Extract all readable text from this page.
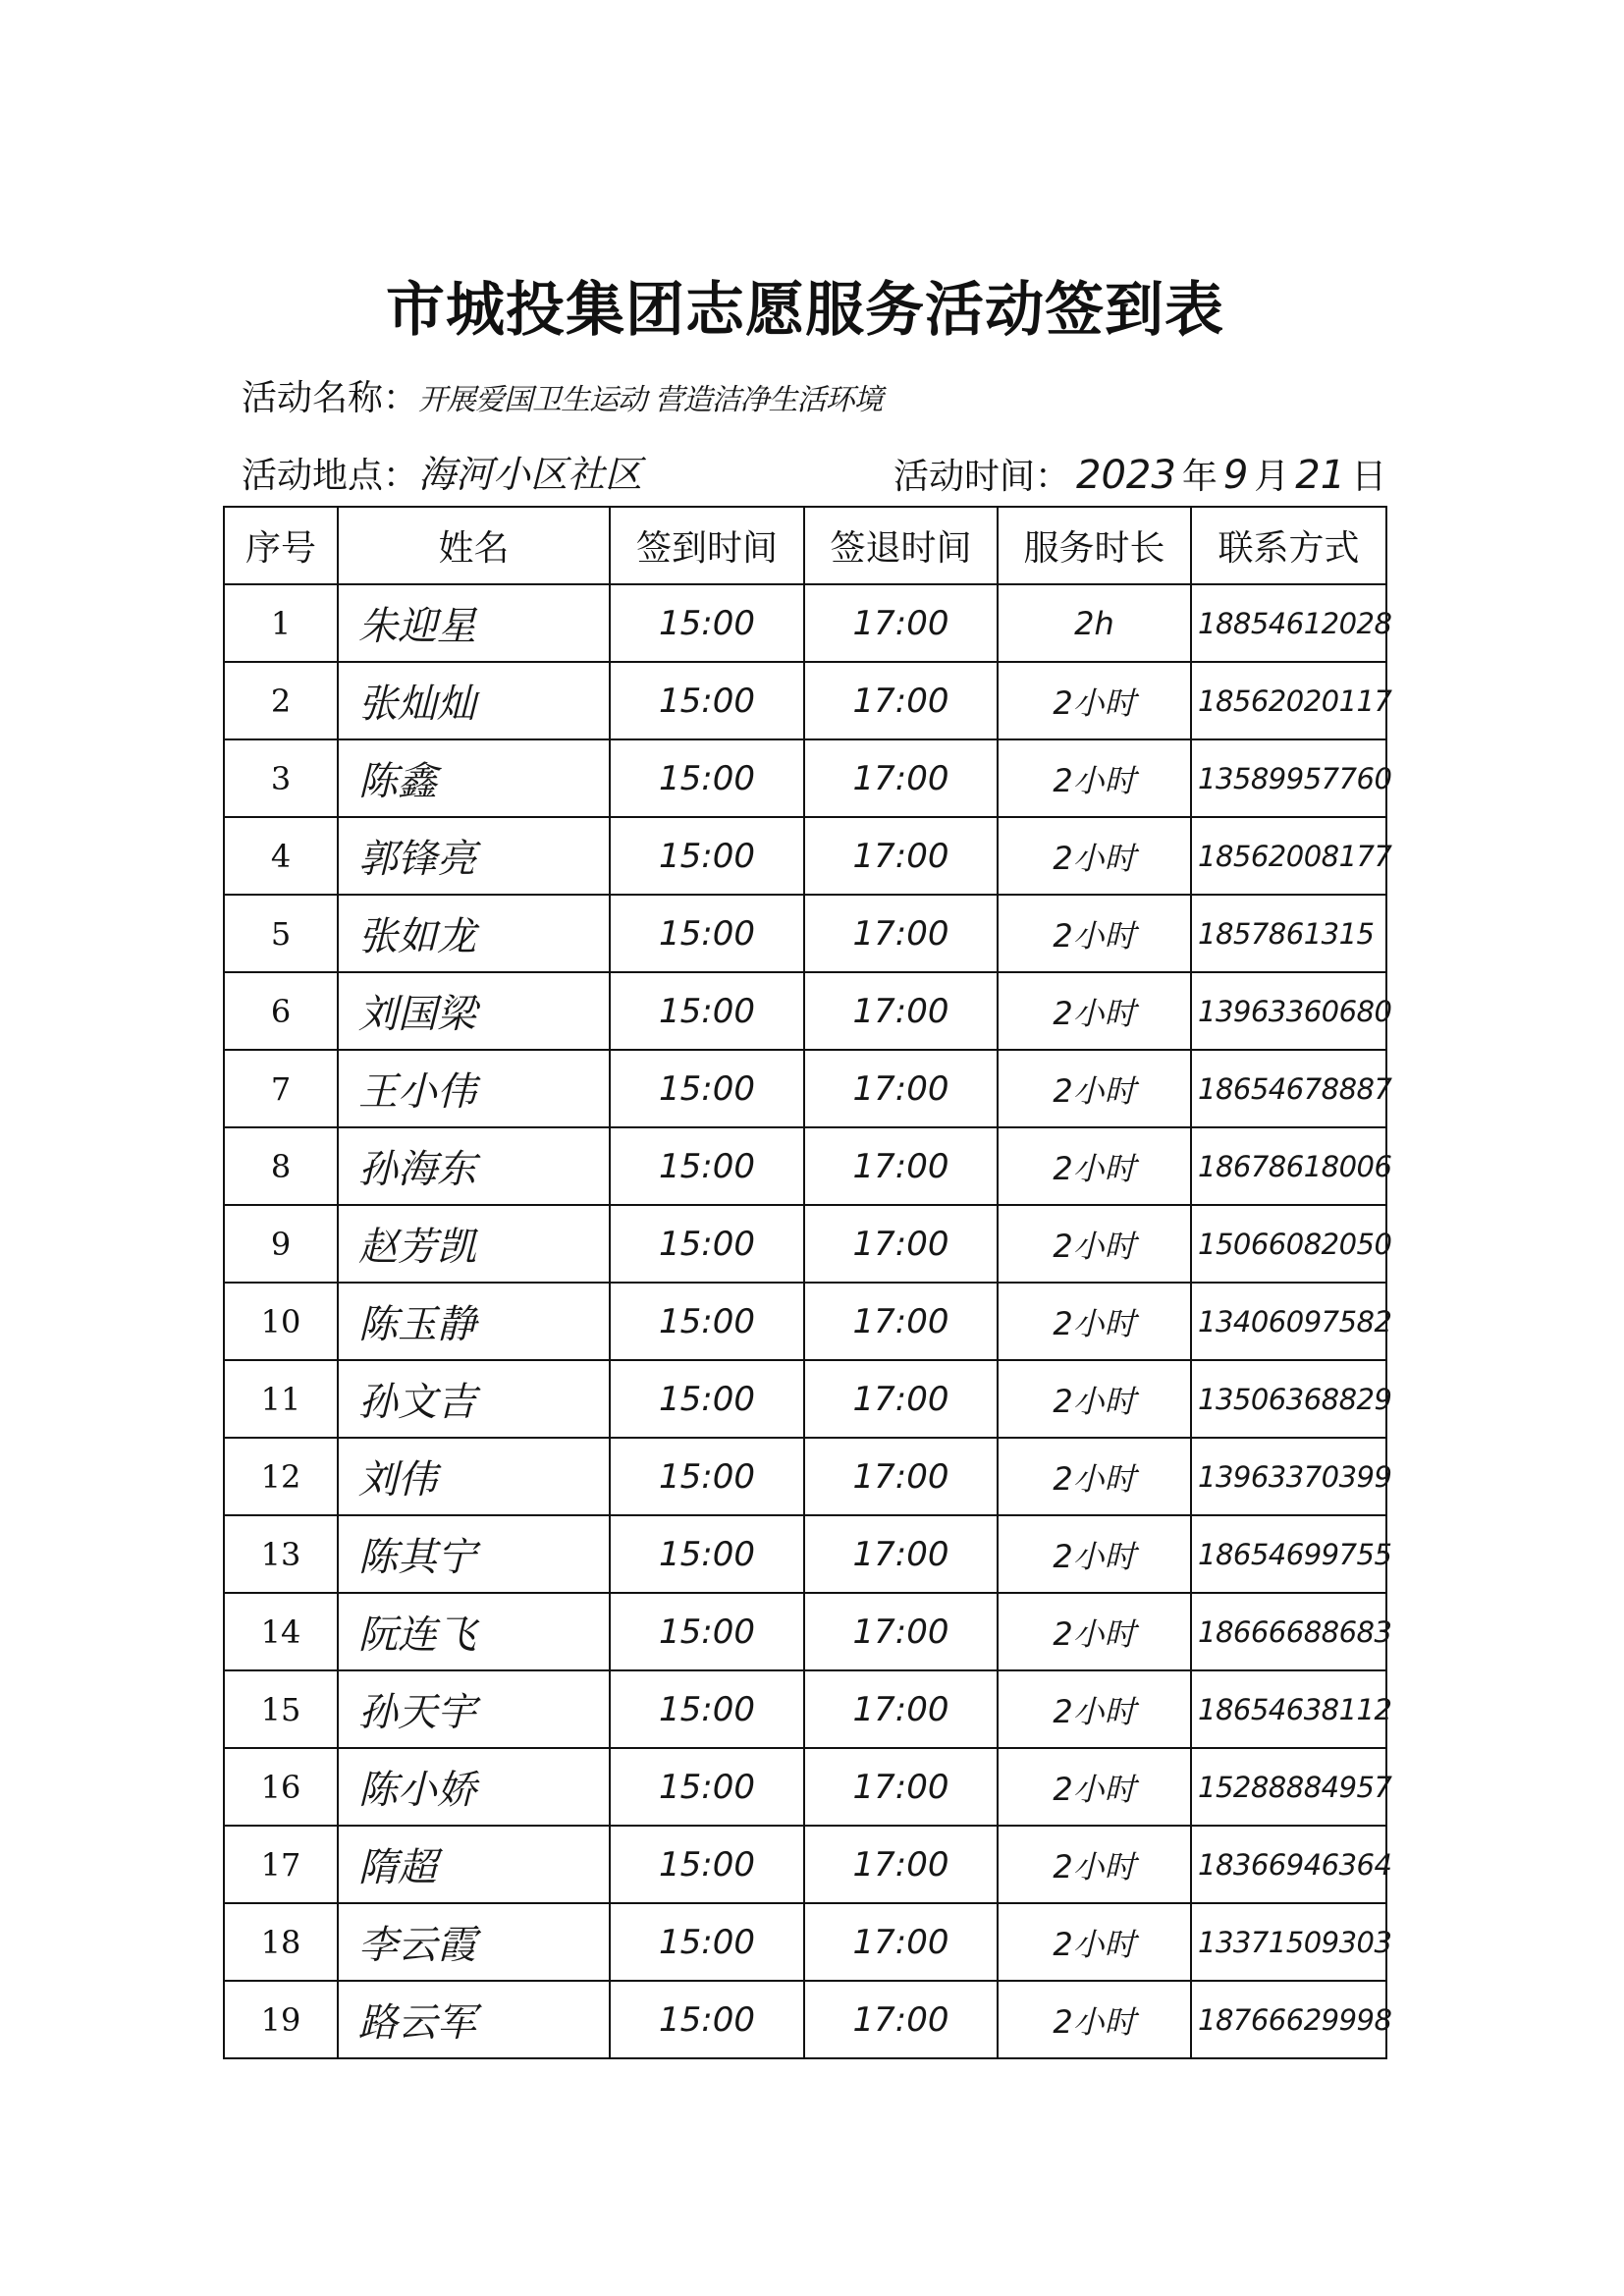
市城投集团志愿服务活动签到表
活动名称：开展爱国卫生运动 营造洁净生活环境
活动地点：海河小区社区	活动时间： 2023 年 9 月 21 日
序号	姓名	签到时间	签退时间	服务时长	联系方式
1	朱迎星	15:00	17:00	2h	18854612028
2	张灿灿	15:00	17:00	2小时	18562020117
3	陈鑫	15:00	17:00	2小时	13589957760
4	郭锋亮	15:00	17:00	2小时	18562008177
5	张如龙	15:00	17:00	2小时	1857861315
6	刘国梁	15:00	17:00	2小时	13963360680
7	王小伟	15:00	17:00	2小时	18654678887
8	孙海东	15:00	17:00	2小时	18678618006
9	赵芳凯	15:00	17:00	2小时	15066082050
10	陈玉静	15:00	17:00	2小时	13406097582
11	孙文吉	15:00	17:00	2小时	13506368829
12	刘伟	15:00	17:00	2小时	13963370399
13	陈其宁	15:00	17:00	2小时	18654699755
14	阮连飞	15:00	17:00	2小时	18666688683
15	孙天宇	15:00	17:00	2小时	18654638112
16	陈小娇	15:00	17:00	2小时	15288884957
17	隋超	15:00	17:00	2小时	18366946364
18	李云霞	15:00	17:00	2小时	13371509303
19	路云军	15:00	17:00	2小时	18766629998
